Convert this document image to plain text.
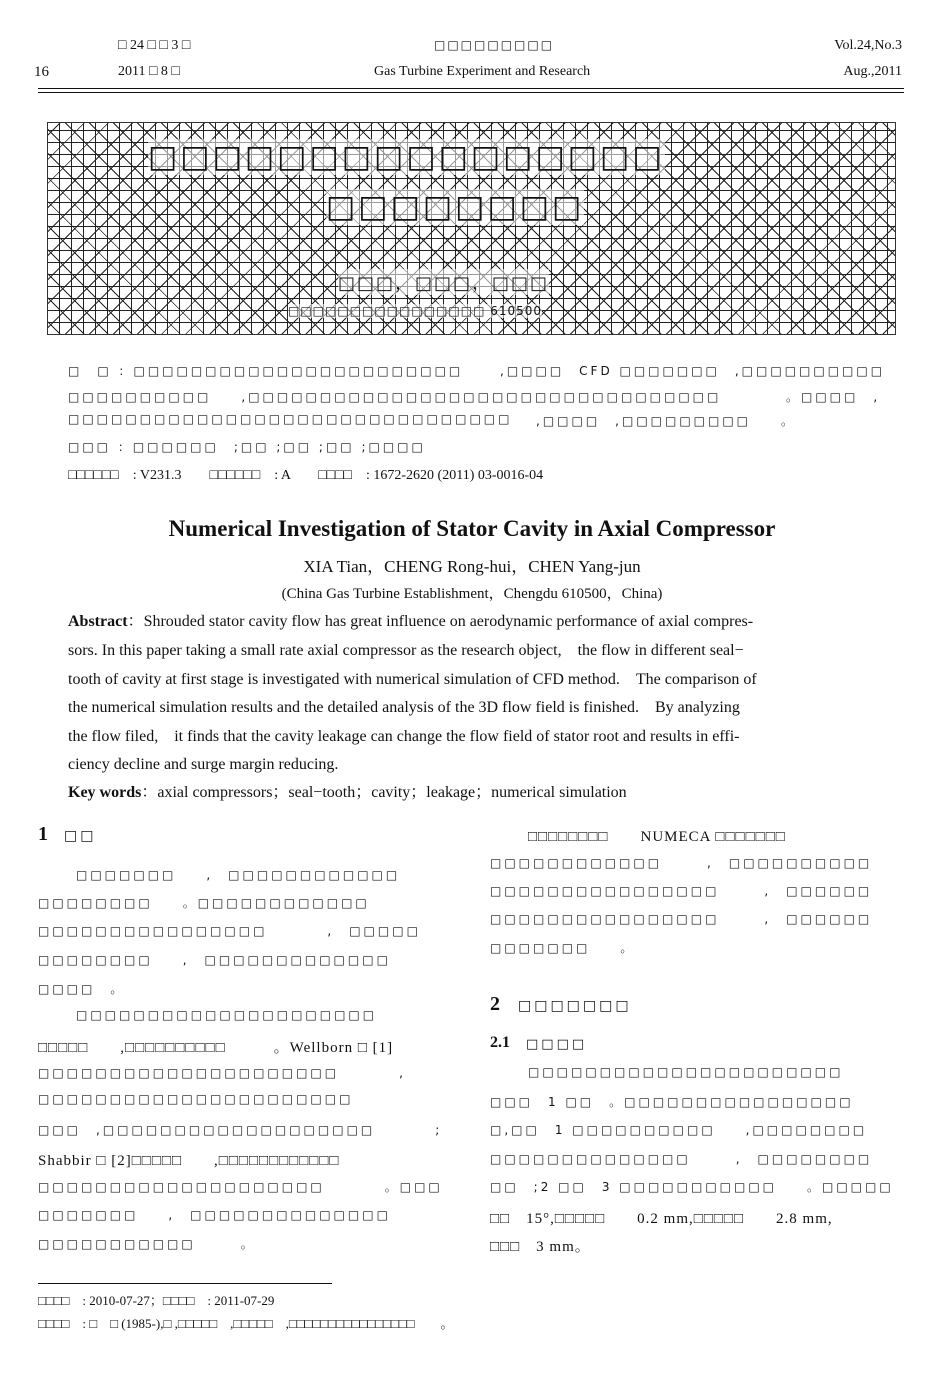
□ 24 □ □ 3 □
2011 □ 8 □
□□□□□□□□□
Gas Turbine Experiment and Research
Vol.24,No.3
Aug.,2011
16
□□□□□□□□□□□□□□□□
□□□□□□□□
□□□，□□□，□□□
□□□□□□□□□□□□□□□□ 610500
□　□ ：□□□□□□□□□□□□□□□□□□□□□□□	,□□□□　CFD □□□□□□□　,□□□□□□□□□□
□□□□□□□□□□　　,□□□□□□□□□□□□□□□□□□□□□□□□□□□□□□□□□	。□□□□　,
□□□□□□□□□□□□□□□□□□□□□□□□□□□□□□□ ,□□□□　,□□□□□□□□□　　。
□□□ ：□□□□□□　;□□ ;□□ ;□□ ;□□□□
□□□□□□　: V231.3　　□□□□□□　: A　　□□□□　: 1672-2620 (2011) 03-0016-04
Numerical Investigation of Stator Cavity in Axial Compressor
XIA Tian，CHENG Rong-hui，CHEN Yang-jun
(China Gas Turbine Establishment，Chengdu 610500，China)
Abstract：Shrouded stator cavity flow has great influence on aerodynamic performance of axial compres-
sors. In this paper taking a small rate axial compressor as the research object,　the flow in different seal−
tooth of cavity at first stage is investigated with numerical simulation of CFD method.　The comparison of
the numerical simulation results and the detailed analysis of the 3D flow field is finished.　By analyzing
the flow filed,　it finds that the cavity leakage can change the flow field of stator root and results in effi-
ciency decline and surge margin reducing.
Key words：axial compressors；seal−tooth；cavity；leakage；numerical simulation
1 □□
□□□□□□□　　,　□□□□□□□□□□□□
□□□□□□□□　　。□□□□□□□□□□□□
□□□□□□□□□□□□□□□□　　　　,　□□□□□
□□□□□□□□　　,　□□□□□□□□□□□□□
□□□□　。
□□□□□□□□□□□□□□□□□□□□□
□□□□□　　,□□□□□□□□□□　　　。Wellborn □ [1]
□□□□□□□□□□□□□□□□□□□□□　　　　,
□□□□□□□□□□□□□□□□□□□□□□
□□□　,□□□□□□□□□□□□□□□□□□□　　　　;
Shabbir □ [2]□□□□□　　,□□□□□□□□□□□□
□□□□□□□□□□□□□□□□□□□□　　　　。□□□
□□□□□□□　　,　□□□□□□□□□□□□□□
□□□□□□□□□□□　　　。
□□□□□□□□　　NUMECA □□□□□□□
□□□□□□□□□□□□　　　,　□□□□□□□□□□
□□□□□□□□□□□□□□□□　　　,　□□□□□□
□□□□□□□□□□□□□□□□　　　,　□□□□□□
□□□□□□□　　。
2 □□□□□□□
2.1 □□□□
□□□□□□□□□□□□□□□□□□□□□□
□□□　1 □□　。□□□□□□□□□□□□□□□□
□,□□　1 □□□□□□□□□□　　,□□□□□□□□
□□□□□□□□□□□□□□　　　,　□□□□□□□□
□□　;2 □□　3 □□□□□□□□□□□　　。□□□□□
□□　15°,□□□□□　　0.2 mm,□□□□□　　2.8 mm,
□□□　3 mm。
□□□□　: 2010-07-27；□□□□　: 2011-07-29
□□□□　: □　□ (1985-),□ ,□□□□□　,□□□□□　,□□□□□□□□□□□□□□□□　　。
